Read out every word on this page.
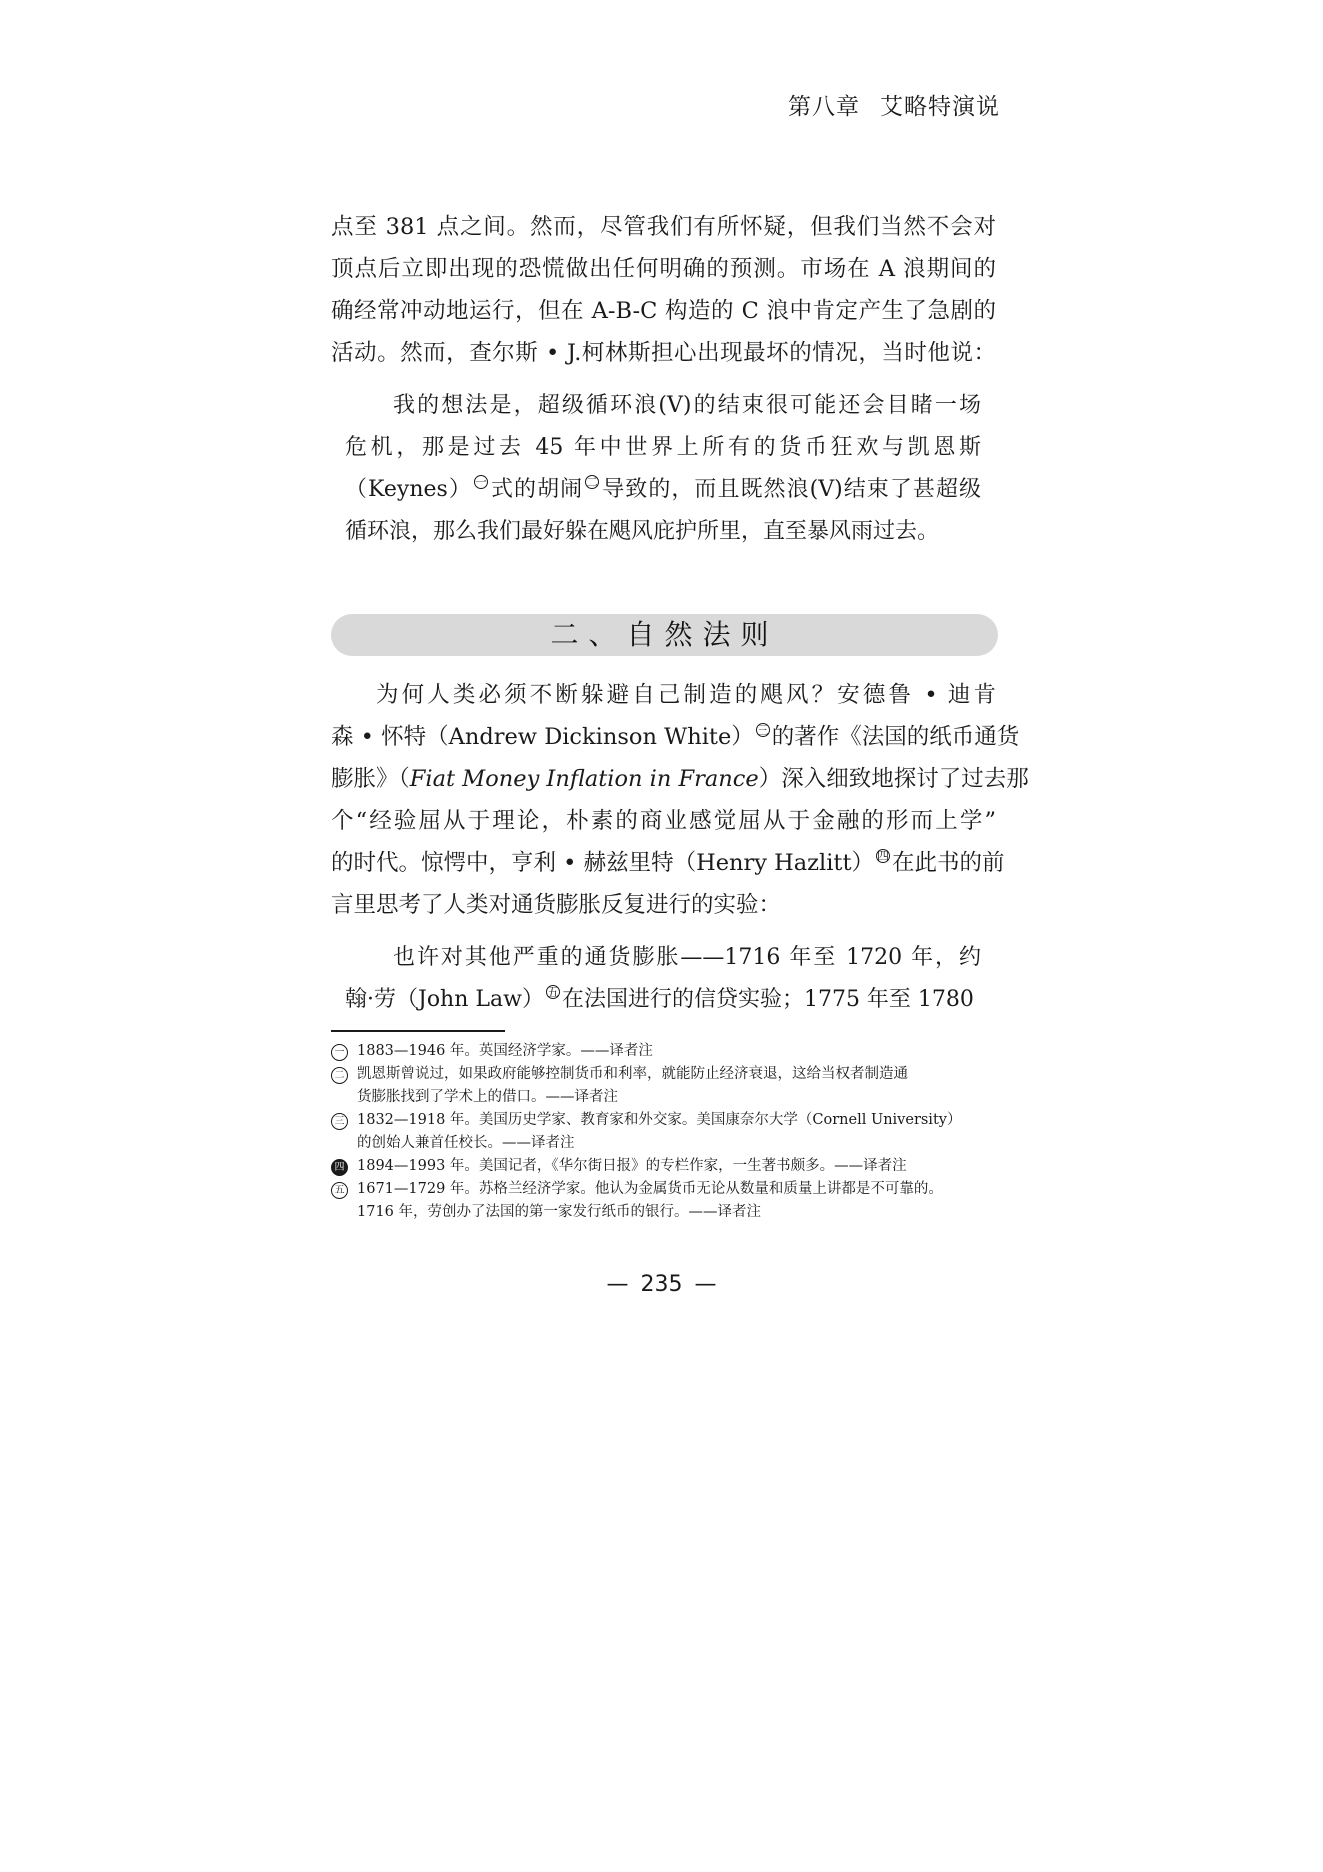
第八章 艾略特演说
点至 381 点之间。然而，尽管我们有所怀疑，但我们当然不会对
顶点后立即出现的恐慌做出任何明确的预测。市场在 A 浪期间的
确经常冲动地运行，但在 A-B-C 构造的 C 浪中肯定产生了急剧的
活动。然而，查尔斯 • J.柯林斯担心出现最坏的情况，当时他说：
我的想法是，超级循环浪(V)的结束很可能还会目睹一场
危机，那是过去 45 年中世界上所有的货币狂欢与凯恩斯
（Keynes） 一 式的胡闹 二 导致的，而且既然浪(V)结束了甚超级
循环浪，那么我们最好躲在飓风庇护所里，直至暴风雨过去。
二、自然法则
为何人类必须不断躲避自己制造的飓风？安德鲁 • 迪肯
森 • 怀特（Andrew Dickinson White） 三 的著作《法国的纸币通货
膨胀》（Fiat Money Inflation in France）深入细致地探讨了过去那
个“经验屈从于理论，朴素的商业感觉屈从于金融的形而上学”
的时代。惊愕中，亨利 • 赫兹里特（Henry Hazlitt） 四 在此书的前
言里思考了人类对通货膨胀反复进行的实验：
也许对其他严重的通货膨胀——1716 年至 1720 年，约
翰·劳（John Law） 五 在法国进行的信贷实验；1775 年至 1780
一 1883—1946 年。英国经济学家。——译者注
二 凯恩斯曾说过，如果政府能够控制货币和利率，就能防止经济衰退，这给当权者制造通
货膨胀找到了学术上的借口。——译者注
三 1832—1918 年。美国历史学家、教育家和外交家。美国康奈尔大学（Cornell University）
的创始人兼首任校长。——译者注
四 1894—1993 年。美国记者，《华尔街日报》的专栏作家，一生著书颇多。——译者注
五 1671—1729 年。苏格兰经济学家。他认为金属货币无论从数量和质量上讲都是不可靠的。
1716 年，劳创办了法国的第一家发行纸币的银行。——译者注
— 235 —
